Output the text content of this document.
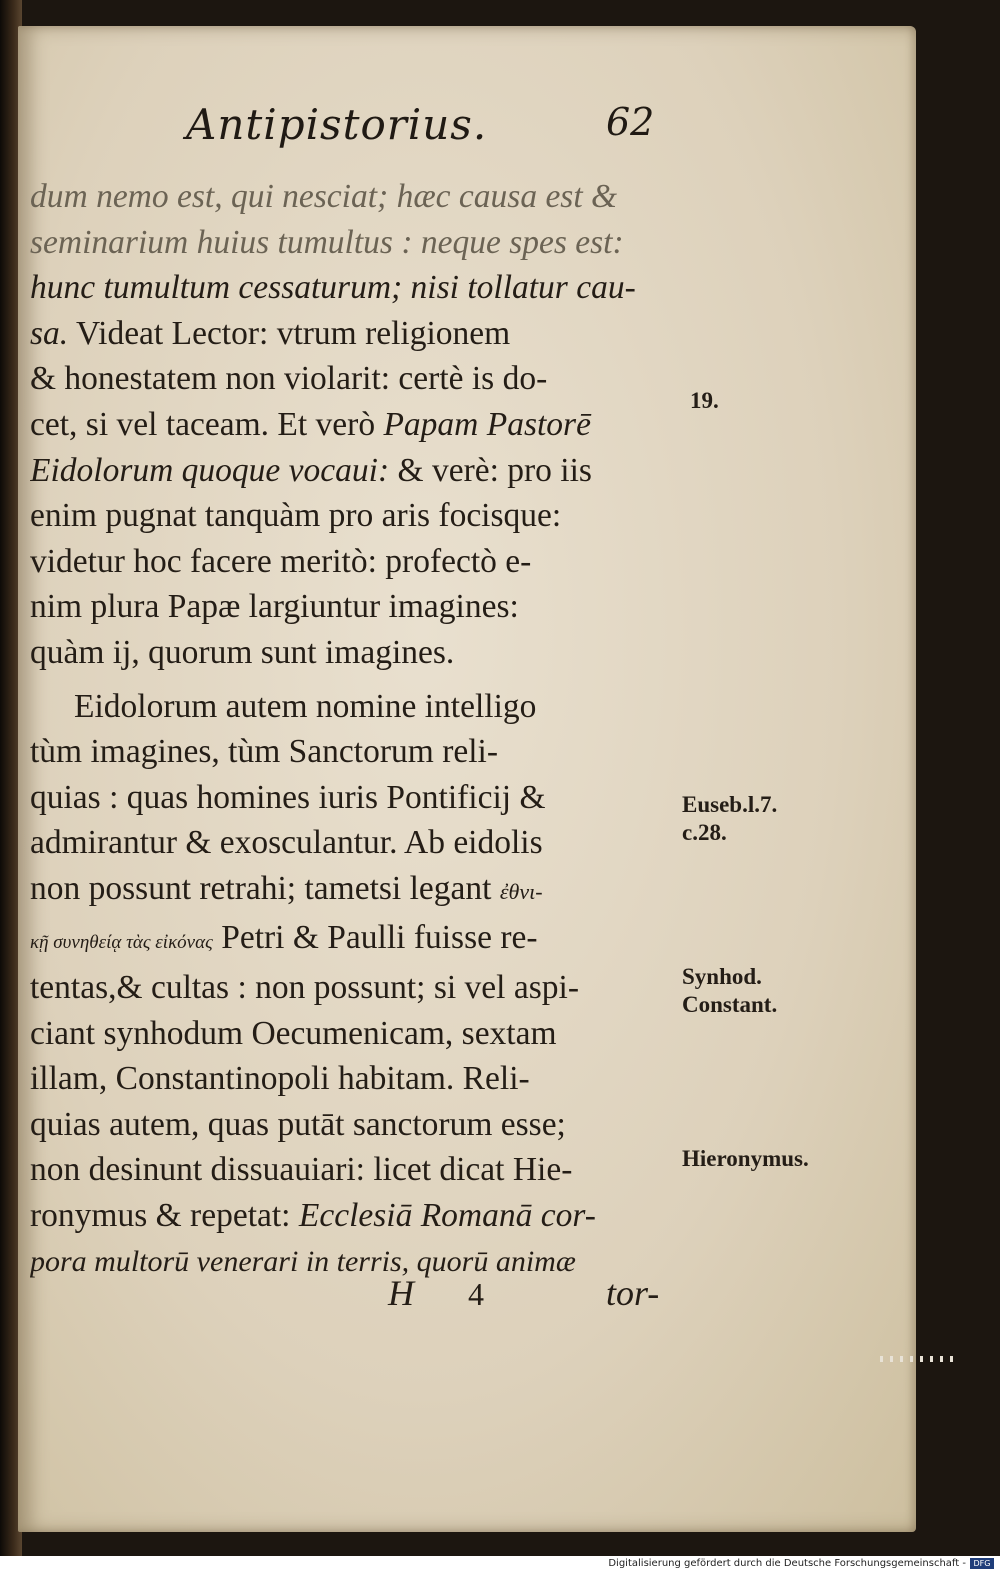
Antipistorius.	62
dum nemo est, qui nesciat; hæc causa est &
seminarium huius tumultus : neque spes est:
hunc tumultum cessaturum; nisi tollatur cau-
sa. Videat Lector: vtrum religionem
& honestatem non violarit: certè is do-
cet, si vel taceam. Et verò Papam Pastorē
Eidolorum quoque vocaui: & verè: pro iis
enim pugnat tanquàm pro aris focisque:
videtur hoc facere meritò: profectò e-
nim plura Papæ largiuntur imagines:
quàm ij, quorum sunt imagines.
Eidolorum autem nomine intelligo
tùm imagines, tùm Sanctorum reli-
quias : quas homines iuris Pontificij &
admirantur & exosculantur. Ab eidolis
non possunt retrahi; tametsi legant ἐθνι-
κῇ συνηθείᾳ τὰς εἰκόνας Petri & Paulli fuisse re-
tentas,& cultas : non possunt; si vel aspi-
ciant synhodum Oecumenicam, sextam
illam, Constantinopoli habitam. Reli-
quias autem, quas putāt sanctorum esse;
non desinunt dissuauiari: licet dicat Hie-
ronymus & repetat: Ecclesiā Romanā cor-
pora multorū venerari in terris, quorū animæ
19.
Euseb.l.7.
c.28.
Synhod.
Constant.
Hieronymus.
H 4	tor-
Digitalisierung gefördert durch die Deutsche Forschungsgemeinschaft - DFG
